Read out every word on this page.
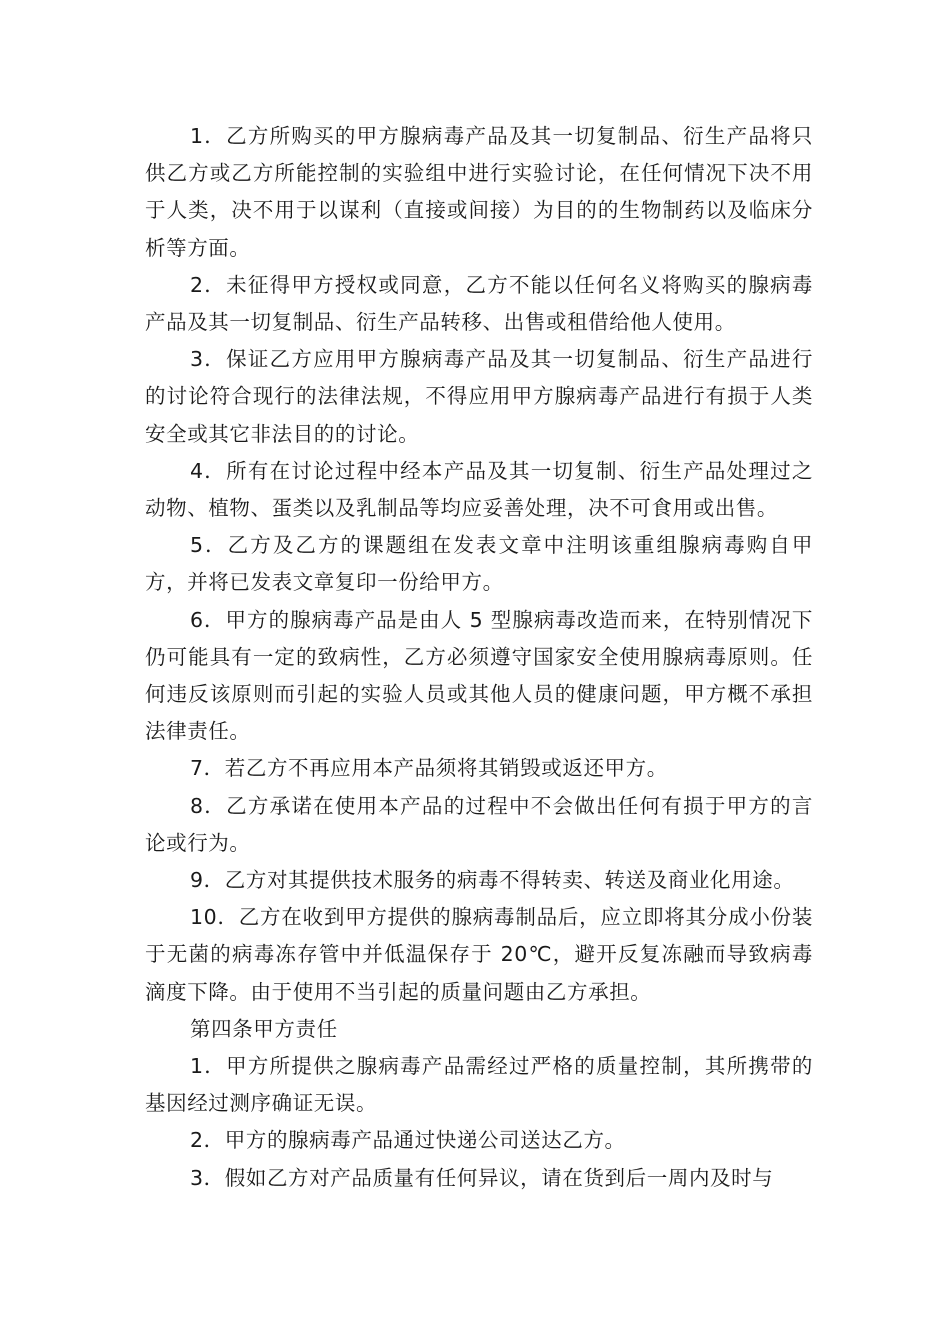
1．乙方所购买的甲方腺病毒产品及其一切复制品、衍生产品将只供乙方或乙方所能控制的实验组中进行实验讨论，在任何情况下决不用于人类，决不用于以谋利（直接或间接）为目的的生物制药以及临床分析等方面。

2．未征得甲方授权或同意，乙方不能以任何名义将购买的腺病毒产品及其一切复制品、衍生产品转移、出售或租借给他人使用。

3．保证乙方应用甲方腺病毒产品及其一切复制品、衍生产品进行的讨论符合现行的法律法规，不得应用甲方腺病毒产品进行有损于人类安全或其它非法目的的讨论。

4．所有在讨论过程中经本产品及其一切复制、衍生产品处理过之动物、植物、蛋类以及乳制品等均应妥善处理，决不可食用或出售。

5．乙方及乙方的课题组在发表文章中注明该重组腺病毒购自甲方，并将已发表文章复印一份给甲方。

6．甲方的腺病毒产品是由人 5 型腺病毒改造而来，在特别情况下仍可能具有一定的致病性，乙方必须遵守国家安全使用腺病毒原则。任何违反该原则而引起的实验人员或其他人员的健康问题，甲方概不承担法律责任。

7．若乙方不再应用本产品须将其销毁或返还甲方。

8．乙方承诺在使用本产品的过程中不会做出任何有损于甲方的言论或行为。

9．乙方对其提供技术服务的病毒不得转卖、转送及商业化用途。

10．乙方在收到甲方提供的腺病毒制品后，应立即将其分成小份装于无菌的病毒冻存管中并低温保存于 20℃，避开反复冻融而导致病毒滴度下降。由于使用不当引起的质量问题由乙方承担。

第四条甲方责任

1．甲方所提供之腺病毒产品需经过严格的质量控制，其所携带的基因经过测序确证无误。

2．甲方的腺病毒产品通过快递公司送达乙方。

3．假如乙方对产品质量有任何异议，请在货到后一周内及时与
